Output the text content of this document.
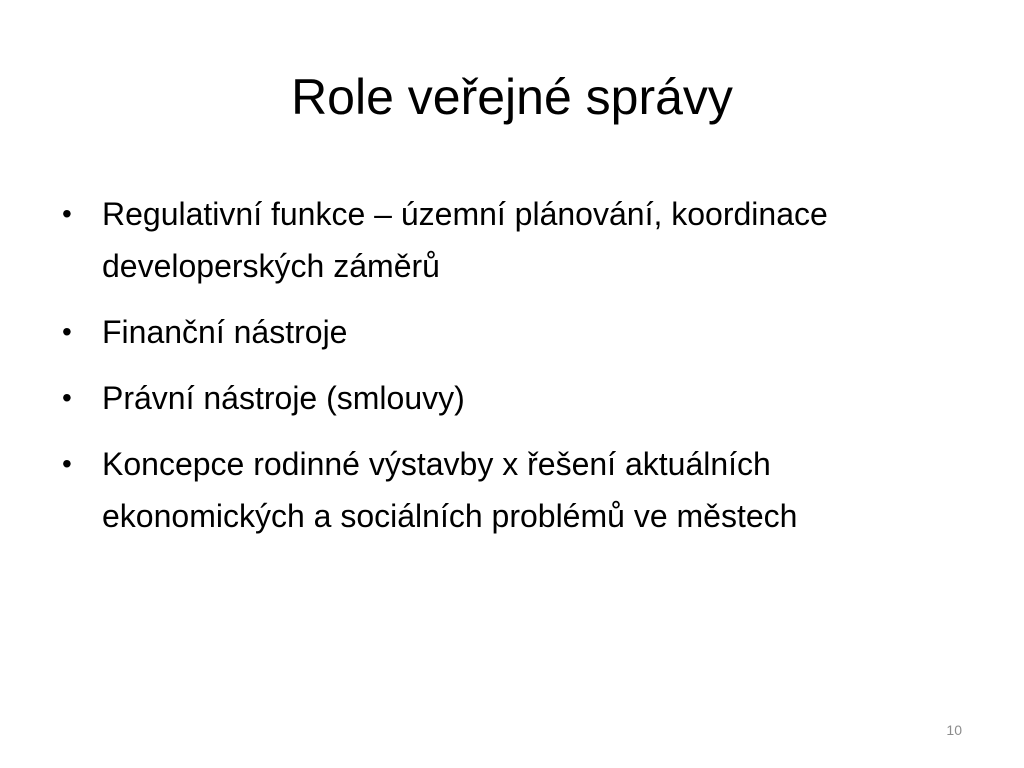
Role veřejné správy
• Regulativní funkce – územní plánování, koordinace developerských záměrů
• Finanční nástroje
• Právní nástroje (smlouvy)
• Koncepce rodinné výstavby x řešení aktuálních ekonomických a sociálních problémů ve městech
10
